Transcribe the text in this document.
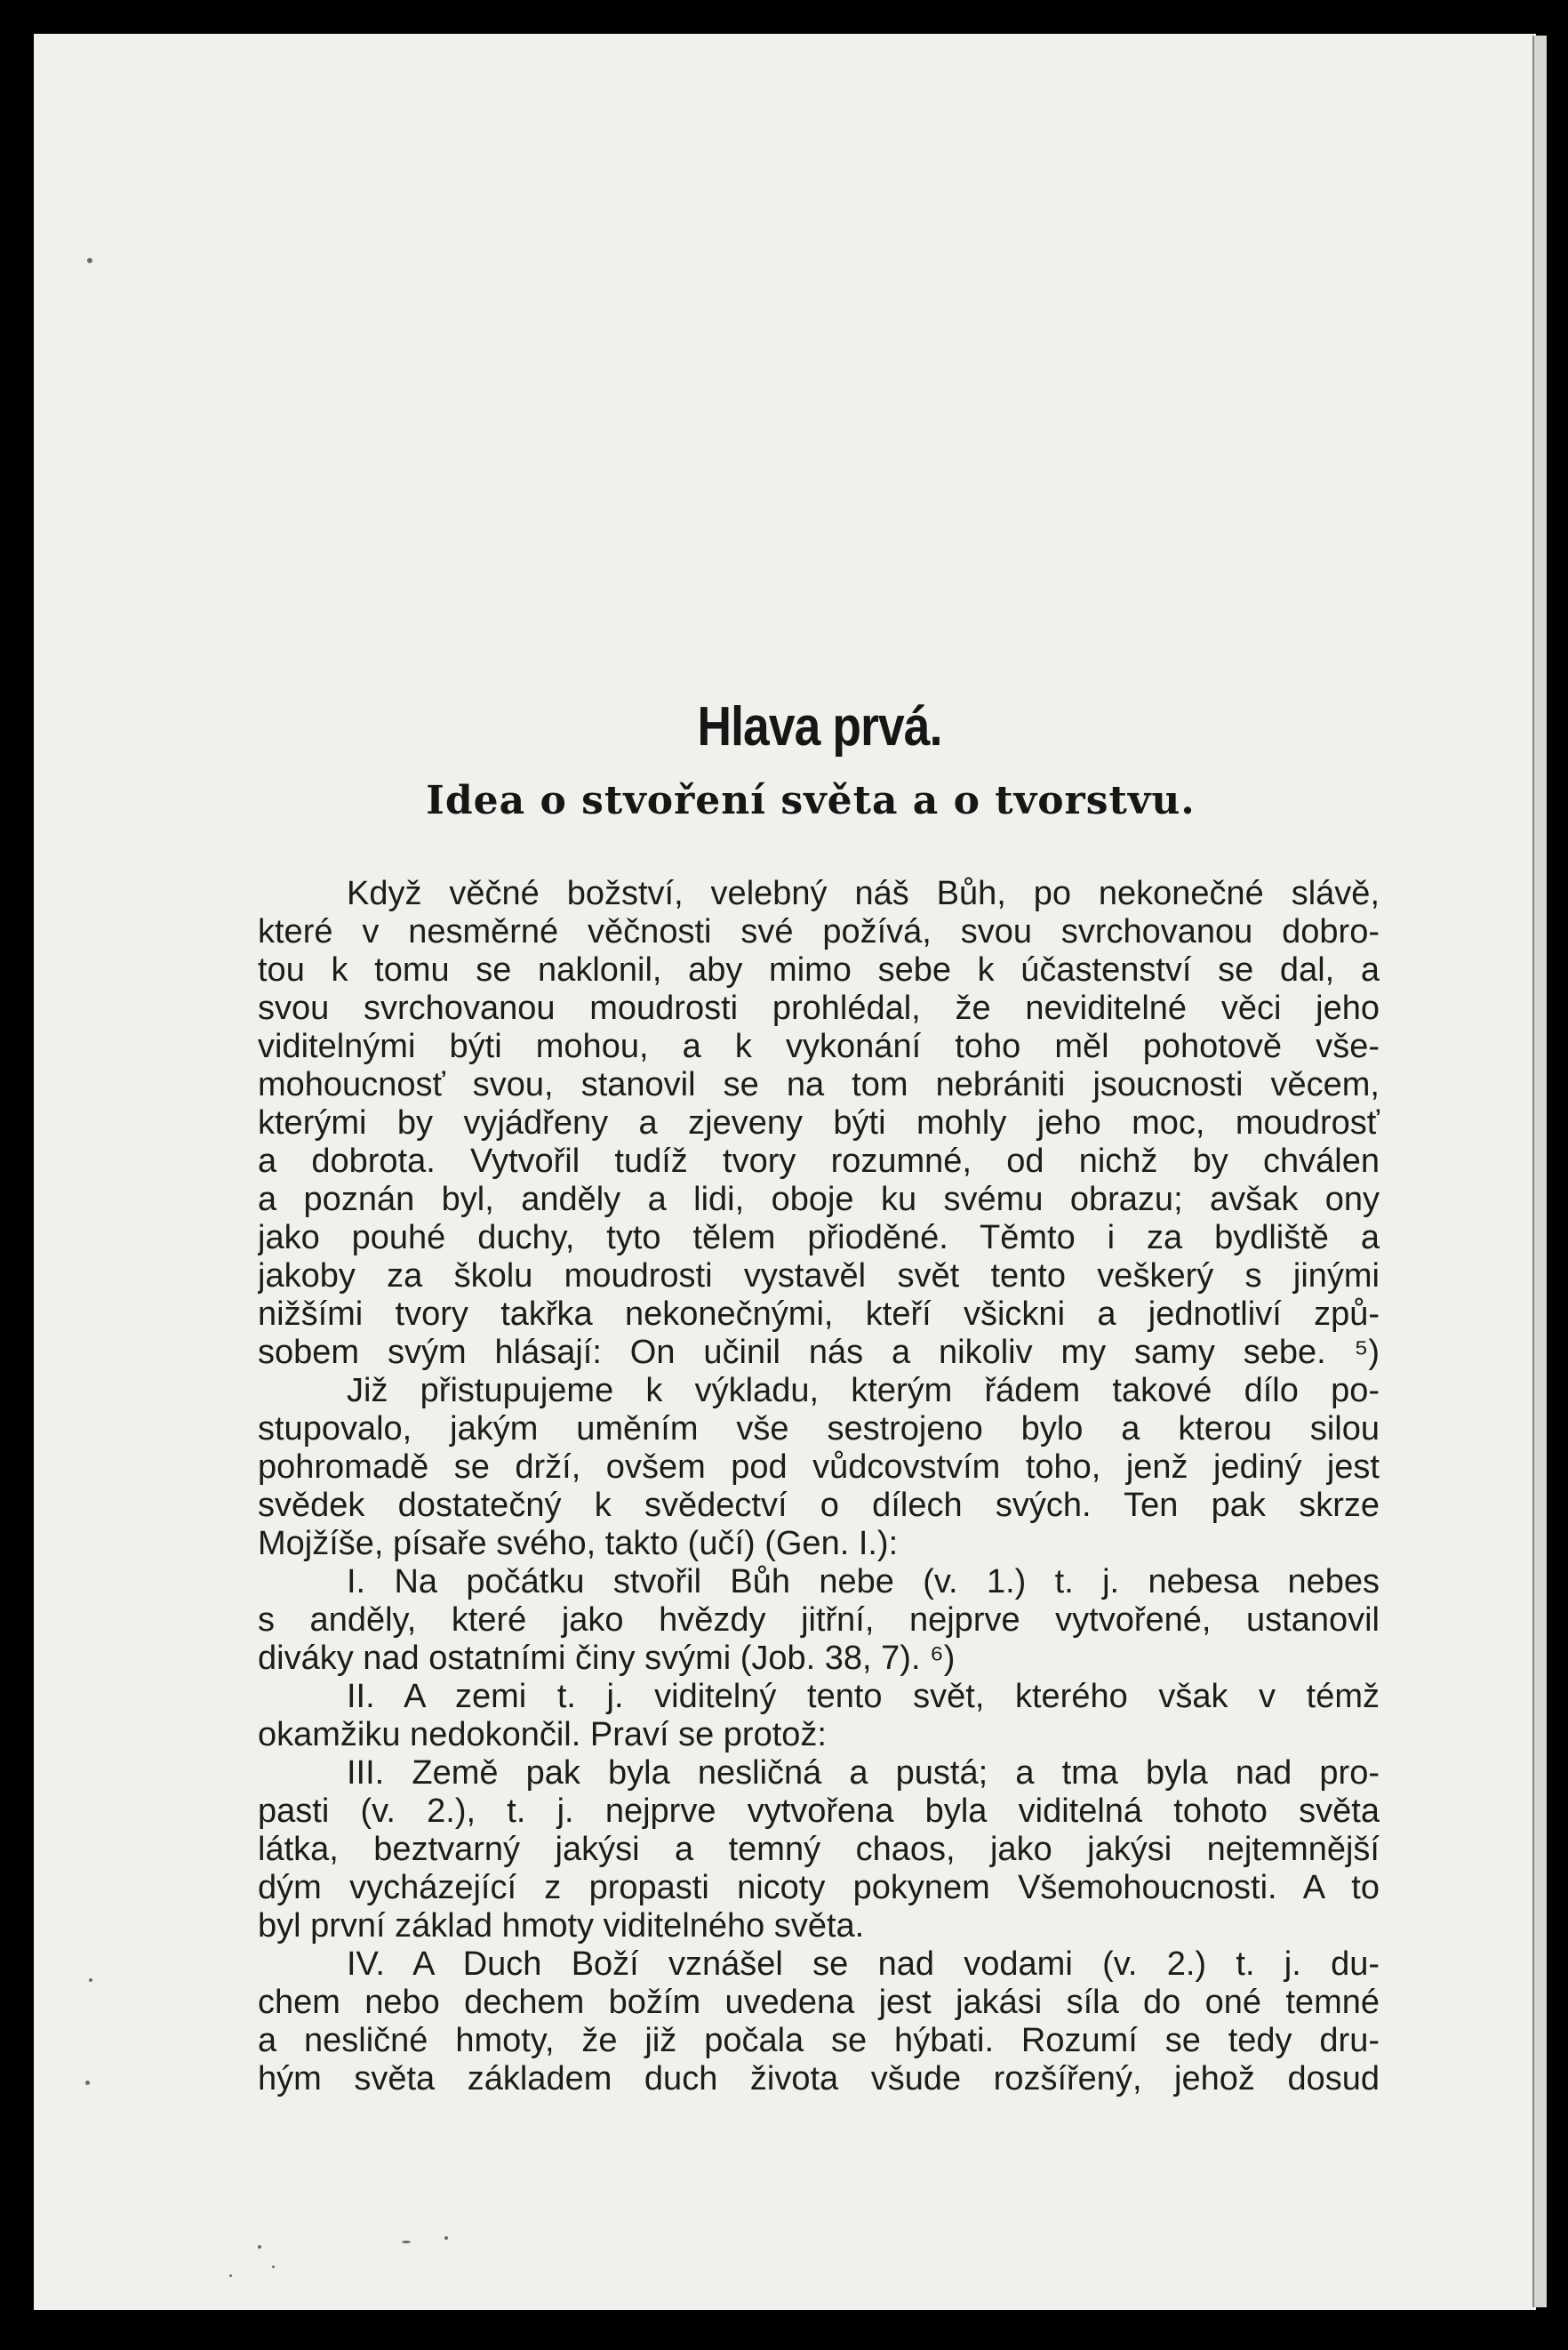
Hlava prvá.
Idea o stvoření světa a o tvorstvu.
Když věčné božství, velebný náš Bůh, po nekonečné slávě,
které v nesměrné věčnosti své požívá, svou svrchovanou dobro-
tou k tomu se naklonil, aby mimo sebe k účastenství se dal, a
svou svrchovanou moudrosti prohlédal, že neviditelné věci jeho
viditelnými býti mohou, a k vykonání toho měl pohotově vše-
mohoucnosť svou, stanovil se na tom nebrániti jsoucnosti věcem,
kterými by vyjádřeny a zjeveny býti mohly jeho moc, moudrosť
a dobrota. Vytvořil tudíž tvory rozumné, od nichž by chválen
a poznán byl, anděly a lidi, oboje ku svému obrazu; avšak ony
jako pouhé duchy, tyto tělem přioděné. Těmto i za bydliště a
jakoby za školu moudrosti vystavěl svět tento veškerý s jinými
nižšími tvory takřka nekonečnými, kteří všickni a jednotliví způ-
sobem svým hlásají: On učinil nás a nikoliv my samy sebe. ⁵)
Již přistupujeme k výkladu, kterým řádem takové dílo po-
stupovalo, jakým uměním vše sestrojeno bylo a kterou silou
pohromadě se drží, ovšem pod vůdcovstvím toho, jenž jediný jest
svědek dostatečný k svědectví o dílech svých. Ten pak skrze
Mojžíše, písaře svého, takto (učí) (Gen. I.):
I. Na počátku stvořil Bůh nebe (v. 1.) t. j. nebesa nebes
s anděly, které jako hvězdy jitřní, nejprve vytvořené, ustanovil
diváky nad ostatními činy svými (Job. 38, 7). ⁶)
II. A zemi t. j. viditelný tento svět, kterého však v témž
okamžiku nedokončil. Praví se protož:
III. Země pak byla nesličná a pustá; a tma byla nad pro-
pasti (v. 2.), t. j. nejprve vytvořena byla viditelná tohoto světa
látka, beztvarný jakýsi a temný chaos, jako jakýsi nejtemnější
dým vycházející z propasti nicoty pokynem Všemohoucnosti. A to
byl první základ hmoty viditelného světa.
IV. A Duch Boží vznášel se nad vodami (v. 2.) t. j. du-
chem nebo dechem božím uvedena jest jakási síla do oné temné
a nesličné hmoty, že již počala se hýbati. Rozumí se tedy dru-
hým světa základem duch života všude rozšířený, jehož dosud
